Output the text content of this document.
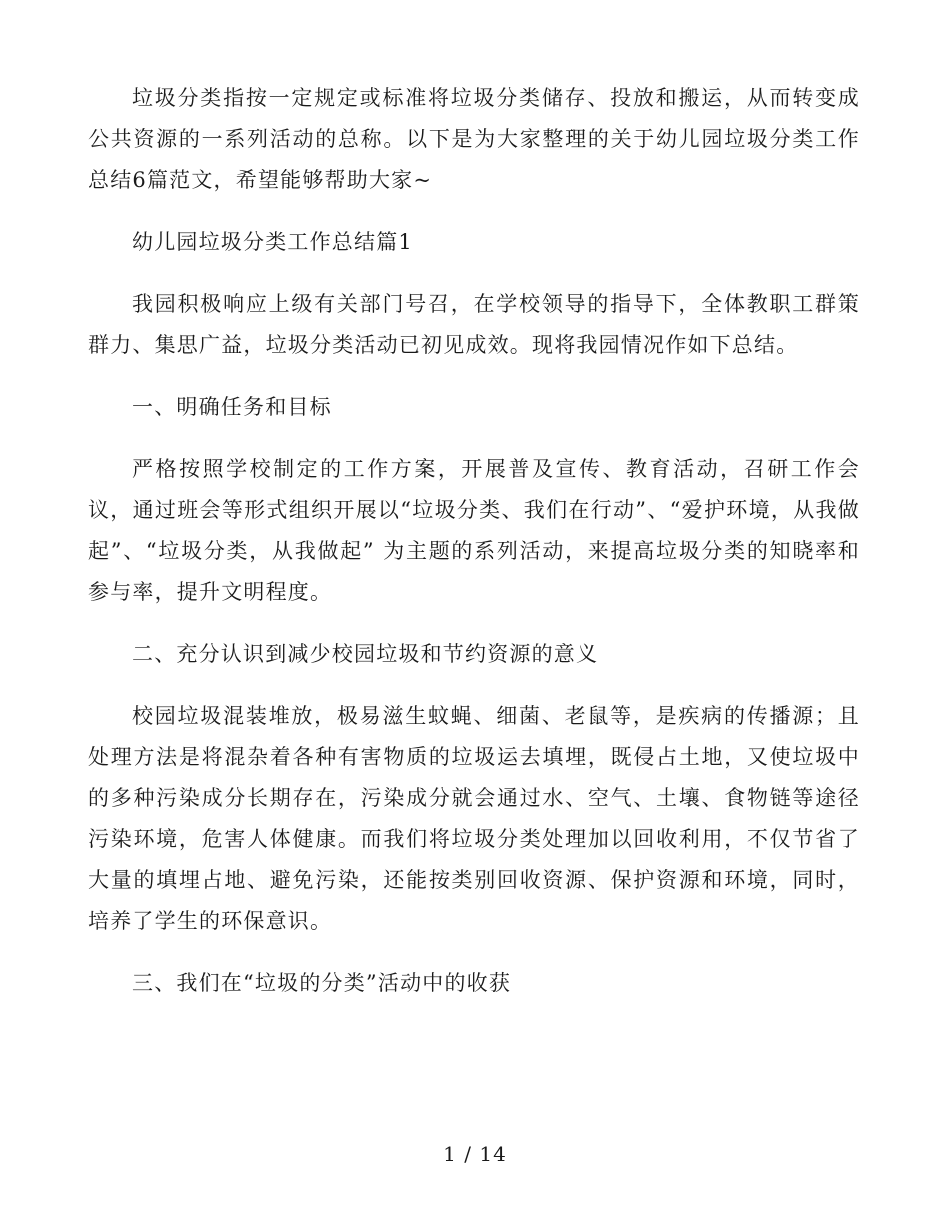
垃圾分类指按一定规定或标准将垃圾分类储存、投放和搬运，从而转变成公共资源的一系列活动的总称。以下是为大家整理的关于幼儿园垃圾分类工作总结6篇范文，希望能够帮助大家~

幼儿园垃圾分类工作总结篇1

我园积极响应上级有关部门号召，在学校领导的指导下，全体教职工群策群力、集思广益，垃圾分类活动已初见成效。现将我园情况作如下总结。

一、明确任务和目标

严格按照学校制定的工作方案，开展普及宣传、教育活动，召研工作会议，通过班会等形式组织开展以“垃圾分类、我们在行动”、“爱护环境，从我做起”、“垃圾分类，从我做起” 为主题的系列活动，来提高垃圾分类的知晓率和参与率，提升文明程度。

二、充分认识到减少校园垃圾和节约资源的意义

校园垃圾混装堆放，极易滋生蚊蝇、细菌、老鼠等，是疾病的传播源；且处理方法是将混杂着各种有害物质的垃圾运去填埋，既侵占土地，又使垃圾中的多种污染成分长期存在，污染成分就会通过水、空气、土壤、食物链等途径污染环境，危害人体健康。而我们将垃圾分类处理加以回收利用，不仅节省了大量的填埋占地、避免污染，还能按类别回收资源、保护资源和环境，同时，培养了学生的环保意识。

三、我们在“垃圾的分类”活动中的收获

1 / 14
